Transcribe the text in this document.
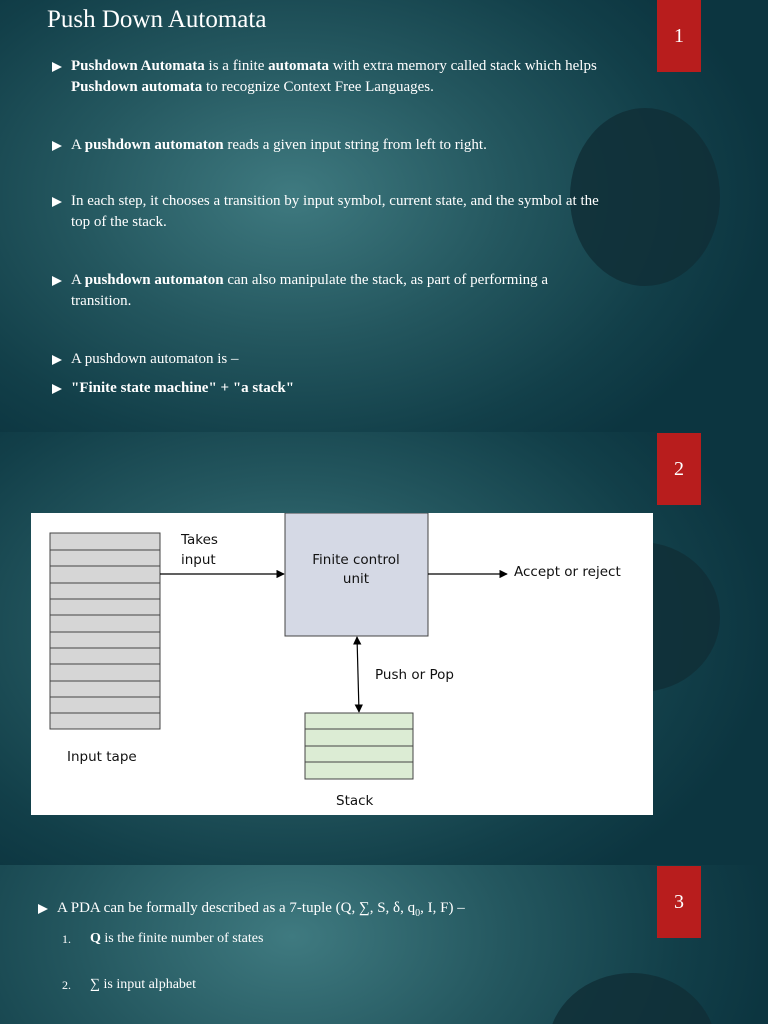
Push Down Automata
1
Pushdown Automata is a finite automata with extra memory called stack which helps Pushdown automata to recognize Context Free Languages.
A pushdown automaton reads a given input string from left to right.
In each step, it chooses a transition by input symbol, current state, and the symbol at the top of the stack.
A pushdown automaton can also manipulate the stack, as part of performing a transition.
A pushdown automaton is –
"Finite state machine" + "a stack"
2
Takes
input	Finite control
unit	Accept or reject
Push or Pop
Input tape
Stack
3
A PDA can be formally described as a 7-tuple (Q, ∑, S, δ, $q_0$, I, F) –
1.	Q is the finite number of states
2.	∑ is input alphabet
